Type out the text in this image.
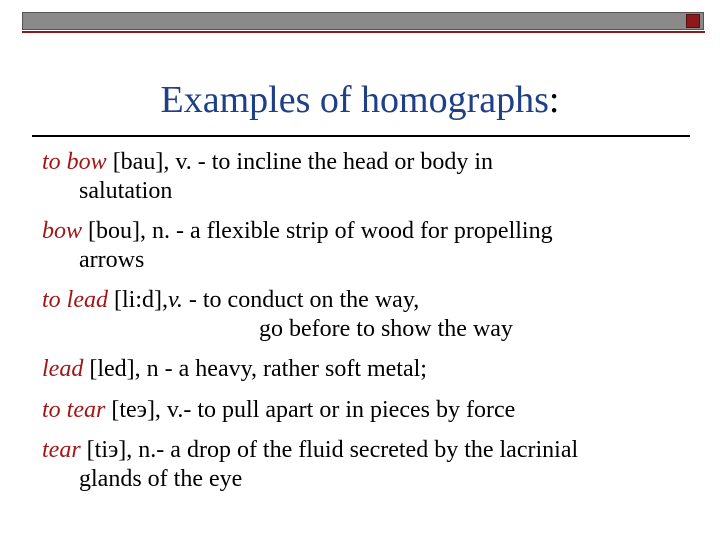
Examples of homographs:
to bow [bau], v. - to incline the head or body in
salutation
bow [bou], n. - a flexible strip of wood for propelling
arrows
to lead [li:d],v. - to conduct on the way,
go before to show the way
lead [led], n - a heavy, rather soft metal;
to tear [teэ], v.- to pull apart or in pieces by force
tear [tiэ], n.- a drop of the fluid secreted by the lacrinial
glands of the eye
